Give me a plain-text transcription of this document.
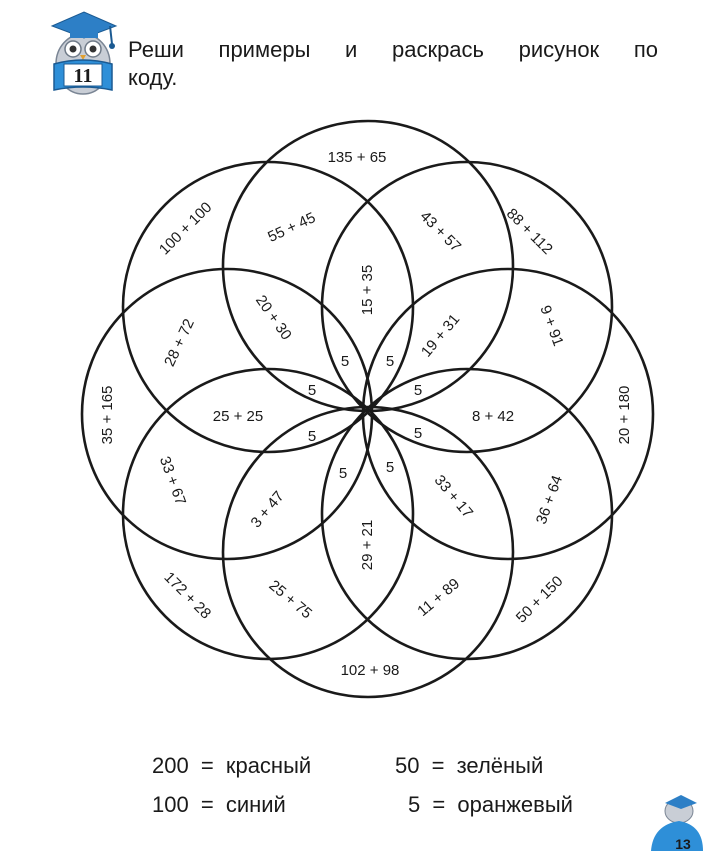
11
Реши примеры и раскрась рисунок по
коду.
135 + 65
88 + 112
20 + 180
50 + 150
102 + 98
172 + 28
35 + 165
100 + 100	55 + 45	43 + 57
9 + 91
36 + 64
11 + 89
25 + 75
33 + 67
28 + 72
15 + 35
19 + 31
8 + 42
33 + 17
29 + 21
3 + 47
25 + 25
20 + 30
5 5
5	5
5	5
5	5
200 = красный	50 = зелёный
100 = синий	5 = оранжевый
13
